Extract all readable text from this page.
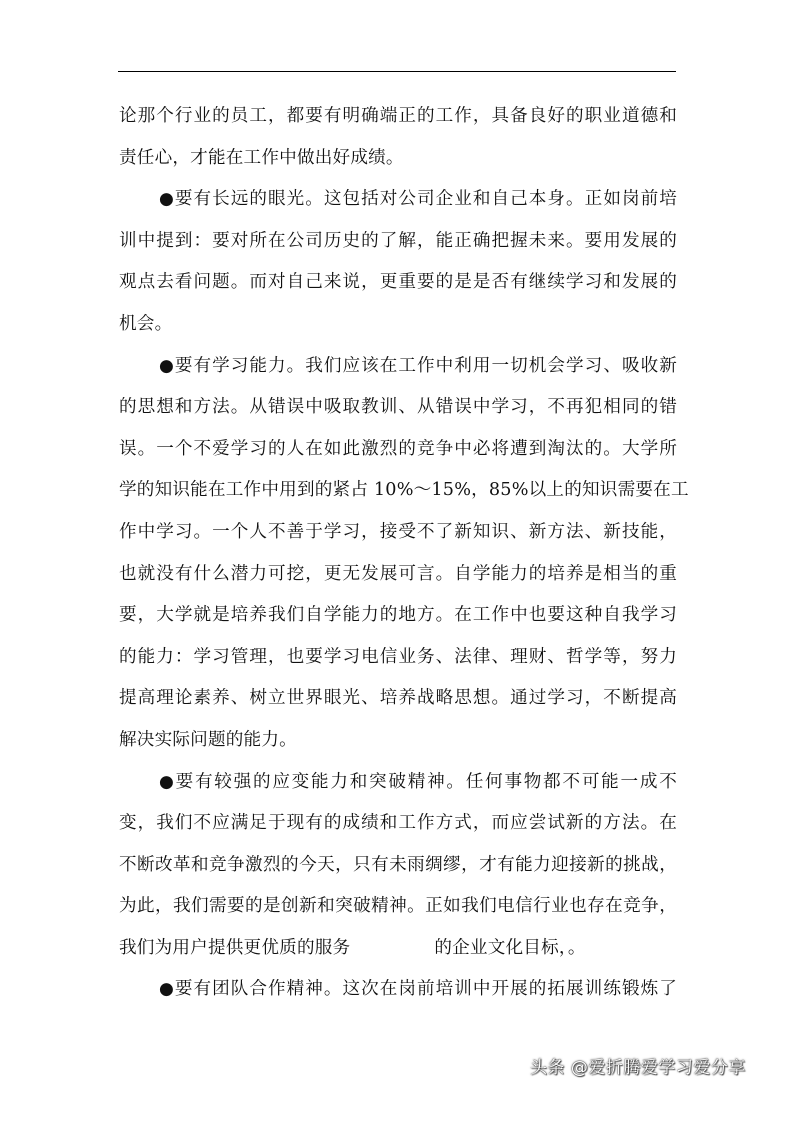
论那个行业的员工，都要有明确端正的工作，具备良好的职业道德和
责任心，才能在工作中做出好成绩。
●要有长远的眼光。这包括对公司企业和自己本身。正如岗前培
训中提到：要对所在公司历史的了解，能正确把握未来。要用发展的
观点去看问题。而对自己来说，更重要的是是否有继续学习和发展的
机会。
●要有学习能力。我们应该在工作中利用一切机会学习、吸收新
的思想和方法。从错误中吸取教训、从错误中学习，不再犯相同的错
误。一个不爱学习的人在如此激烈的竞争中必将遭到淘汰的。大学所
学的知识能在工作中用到的紧占 10%～15%，85%以上的知识需要在工
作中学习。一个人不善于学习，接受不了新知识、新方法、新技能，
也就没有什么潜力可挖，更无发展可言。自学能力的培养是相当的重
要，大学就是培养我们自学能力的地方。在工作中也要这种自我学习
的能力：学习管理，也要学习电信业务、法律、理财、哲学等，努力
提高理论素养、树立世界眼光、培养战略思想。通过学习，不断提高
解决实际问题的能力。
●要有较强的应变能力和突破精神。任何事物都不可能一成不
变，我们不应满足于现有的成绩和工作方式，而应尝试新的方法。在
不断改革和竞争激烈的今天，只有未雨绸缪，才有能力迎接新的挑战，
为此，我们需要的是创新和突破精神。正如我们电信行业也存在竞争，
我们为用户提供更优质的服务	的企业文化目标，。
●要有团队合作精神。这次在岗前培训中开展的拓展训练锻炼了
头条 @爱折腾爱学习爱分享
